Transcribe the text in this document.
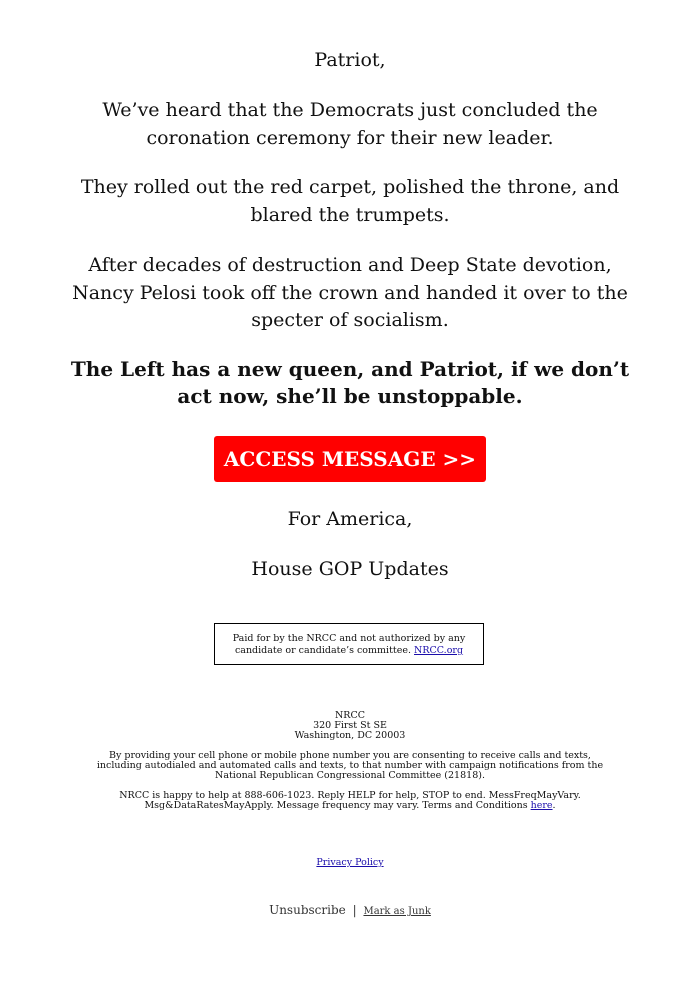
Patriot,

We’ve heard that the Democrats just concluded the coronation ceremony for their new leader.

They rolled out the red carpet, polished the throne, and blared the trumpets.

After decades of destruction and Deep State devotion, Nancy Pelosi took off the crown and handed it over to the specter of socialism.

The Left has a new queen, and Patriot, if we don’t act now, she’ll be unstoppable.

ACCESS MESSAGE >>

For America,

House GOP Updates

Paid for by the NRCC and not authorized by any candidate or candidate’s committee. NRCC.org
NRCC
320 First St SE
Washington, DC 20003

By providing your cell phone or mobile phone number you are consenting to receive calls and texts, including autodialed and automated calls and texts, to that number with campaign notifications from the National Republican Congressional Committee (21818).

NRCC is happy to help at 888-606-1023. Reply HELP for help, STOP to end. MessFreqMayVary. Msg&DataRatesMayApply. Message frequency may vary. Terms and Conditions here.

Privacy Policy
Unsubscribe | Mark as Junk
